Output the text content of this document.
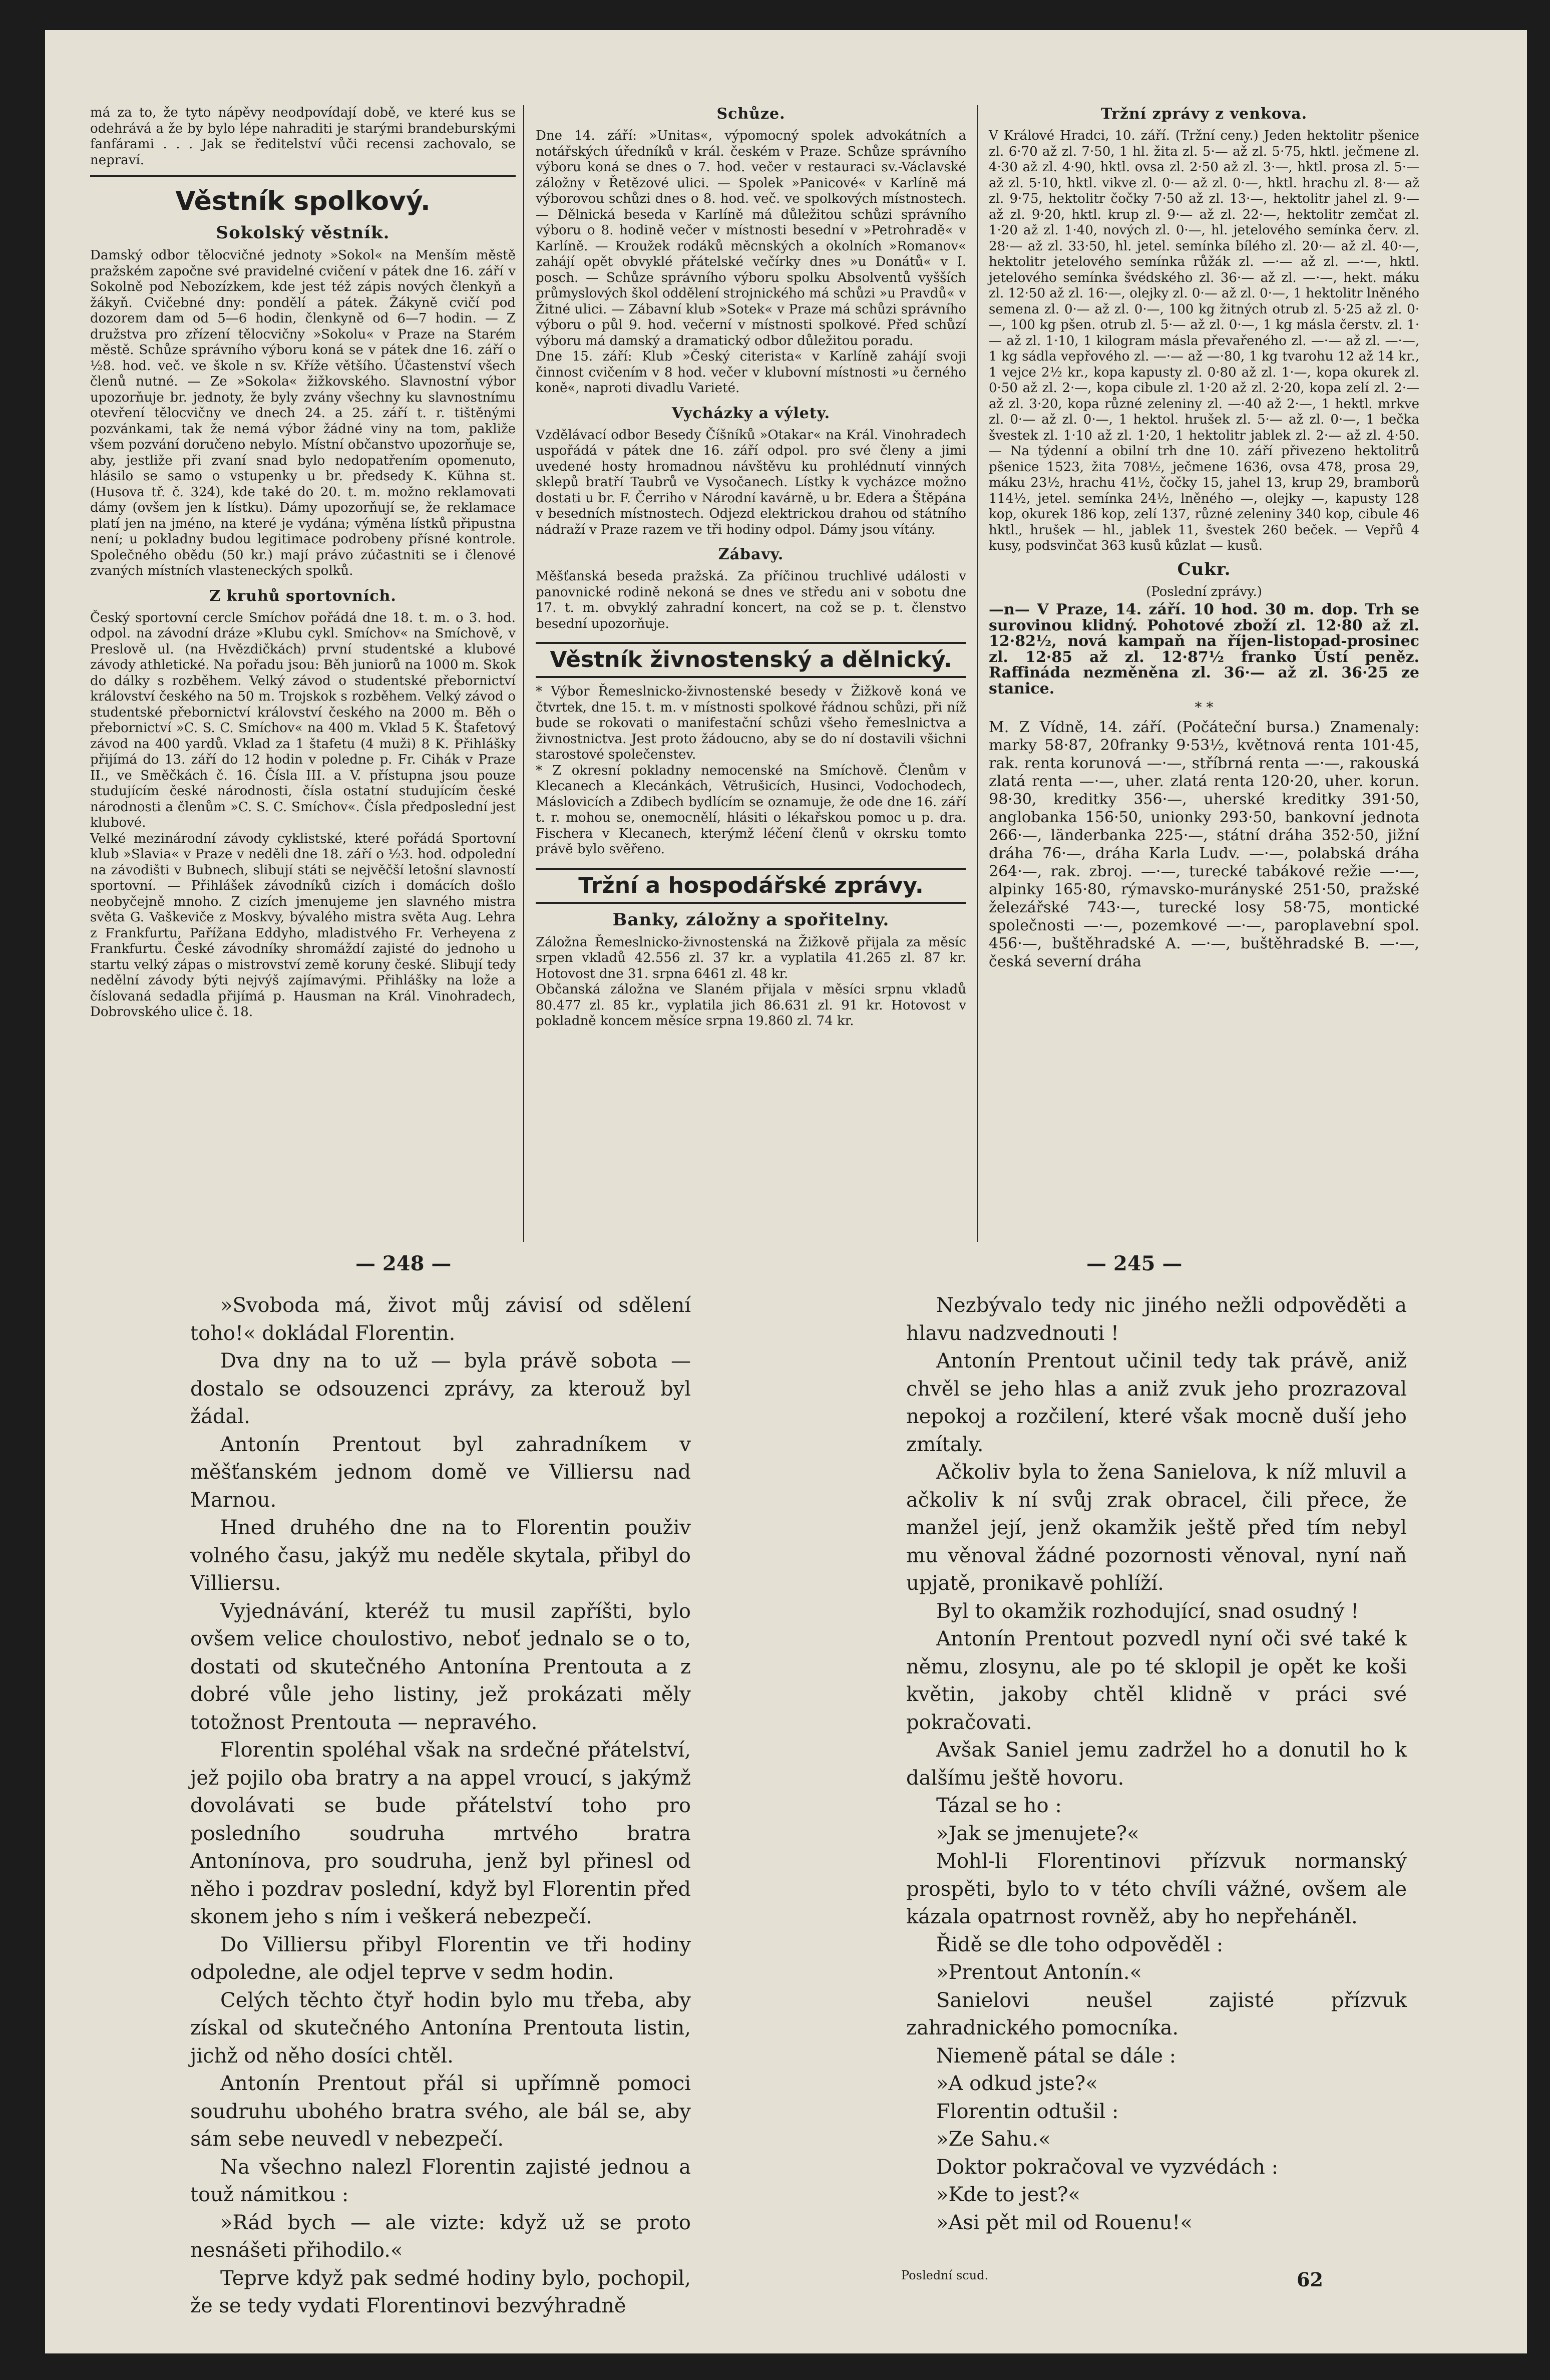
má za to, že tyto nápěvy neodpovídají době, ve které kus se odehrává a že by bylo lépe nahraditi je starými brandeburskými fanfárami . . . Jak se ředitelství vůči recensi zachovalo, se nepraví.

Věstník spolkový.
Sokolský věstník.

Damský odbor tělocvičné jednoty »Sokol« na Menším městě pražském započne své pravidelné cvičení v pátek dne 16. září v Sokolně pod Nebozízkem, kde jest též zápis nových členkyň a žákyň. Cvičebné dny: pondělí a pátek. Žákyně cvičí pod dozorem dam od 5—6 hodin, členkyně od 6—7 hodin. — Z družstva pro zřízení tělocvičny »Sokolu« v Praze na Starém městě. Schůze správního výboru koná se v pátek dne 16. září o ½8. hod. več. ve škole n sv. Kříže většího. Účastenství všech členů nutné. — Ze »Sokola« žižkovského. Slavnostní výbor upozorňuje br. jednoty, že byly zvány všechny ku slavnostnímu otevření tělocvičny ve dnech 24. a 25. září t. r. tištěnými pozvánkami, tak že nemá výbor žádné viny na tom, pakliže všem pozvání doručeno nebylo. Místní občanstvo upozorňuje se, aby, jestliže při zvaní snad bylo nedopatřením opomenuto, hlásilo se samo o vstupenky u br. předsedy K. Kühna st. (Husova tř. č. 324), kde také do 20. t. m. možno reklamovati dámy (ovšem jen k lístku). Dámy upozorňují se, že reklamace platí jen na jméno, na které je vydána; výměna lístků připustna není; u pokladny budou legitimace podrobeny přísné kontrole. Společného obědu (50 kr.) mají právo zúčastniti se i členové zvaných místních vlasteneckých spolků.

Z kruhů sportovních.

Český sportovní cercle Smíchov pořádá dne 18. t. m. o 3. hod. odpol. na závodní dráze »Klubu cykl. Smíchov« na Smíchově, v Preslově ul. (na Hvězdičkách) první studentské a klubové závody athletické. Na pořadu jsou: Běh juniorů na 1000 m. Skok do dálky s rozběhem. Velký závod o studentské přebornictví království českého na 50 m. Trojskok s rozběhem. Velký závod o studentské přebornictví království českého na 2000 m. Běh o přebornictví »C. S. C. Smíchov« na 400 m. Vklad 5 K. Štafetový závod na 400 yardů. Vklad za 1 štafetu (4 muži) 8 K. Přihlášky přijímá do 13. září do 12 hodin v poledne p. Fr. Cihák v Praze II., ve Směčkách č. 16. Čísla III. a V. přístupna jsou pouze studujícím české národnosti, čísla ostatní studujícím české národnosti a členům »C. S. C. Smíchov«. Čísla předposlední jest klubové.

Velké mezinárodní závody cyklistské, které pořádá Sportovní klub »Slavia« v Praze v neděli dne 18. září o ½3. hod. odpolední na závodišti v Bubnech, slibují státi se nejvěčší letošní slavností sportovní. — Přihlášek závodníků cizích i domácích došlo neobyčejně mnoho. Z cizích jmenujeme jen slavného mistra světa G. Vaškeviče z Moskvy, bývalého mistra světa Aug. Lehra z Frankfurtu, Pařížana Eddyho, mladistvého Fr. Verheyena z Frankfurtu. České závodníky shromáždí zajisté do jednoho u startu velký zápas o mistrovství země koruny české. Slibují tedy nedělní závody býti nejvýš zajímavými. Přihlášky na lože a číslovaná sedadla přijímá p. Hausman na Král. Vinohradech, Dobrovského ulice č. 18.

Schůze.

Dne 14. září: »Unitas«, výpomocný spolek advokátních a notářských úředníků v král. českém v Praze. Schůze správního výboru koná se dnes o 7. hod. večer v restauraci sv.-Václavské záložny v Řetězové ulici. — Spolek »Panicové« v Karlíně má výborovou schůzi dnes o 8. hod. več. ve spolkových místnostech. — Dělnická beseda v Karlíně má důležitou schůzi správního výboru o 8. hodině večer v místnosti besední v »Petrohradě« v Karlíně. — Kroužek rodáků měcnských a okolních »Romanov« zahájí opět obvyklé přátelské večírky dnes »u Donátů« v I. posch. — Schůze správního výboru spolku Absolventů vyšších průmyslových škol oddělení strojnického má schůzi »u Pravdů« v Žitné ulici. — Zábavní klub »Sotek« v Praze má schůzi správního výboru o půl 9. hod. večerní v místnosti spolkové. Před schůzí výboru má damský a dramatický odbor důležitou poradu.

Dne 15. září: Klub »Český citerista« v Karlíně zahájí svoji činnost cvičením v 8 hod. večer v klubovní místnosti »u černého koně«, naproti divadlu Varieté.

Vycházky a výlety.

Vzdělávací odbor Besedy Číšníků »Otakar« na Král. Vinohradech uspořádá v pátek dne 16. září odpol. pro své členy a jimi uvedené hosty hromadnou návštěvu ku prohlédnutí vinných sklepů bratří Taubrů ve Vysočanech. Lístky k vycházce možno dostati u br. F. Čerriho v Národní kavárně, u br. Edera a Štěpána v besedních místnostech. Odjezd elektrickou drahou od státního nádraží v Praze razem ve tři hodiny odpol. Dámy jsou vítány.

Zábavy.

Měšťanská beseda pražská. Za příčinou truchlivé události v panovnické rodině nekoná se dnes ve středu ani v sobotu dne 17. t. m. obvyklý zahradní koncert, na což se p. t. členstvo besední upozorňuje.

Věstník živnostenský a dělnický.

* Výbor Řemeslnicko-živnostenské besedy v Žižkově koná ve čtvrtek, dne 15. t. m. v místnosti spolkové řádnou schůzi, při níž bude se rokovati o manifestační schůzi všeho řemeslnictva a živnostnictva. Jest proto žádoucno, aby se do ní dostavili všichni starostové společenstev.

* Z okresní pokladny nemocenské na Smíchově. Členům v Klecanech a Klecánkách, Větrušicích, Husinci, Vodochodech, Máslovicích a Zdibech bydlícím se oznamuje, že ode dne 16. září t. r. mohou se, onemocnělí, hlásiti o lékařskou pomoc u p. dra. Fischera v Klecanech, kterýmž léčení členů v okrsku tomto právě bylo svěřeno.

Tržní a hospodářské zprávy.
Banky, záložny a spořitelny.

Záložna Řemeslnicko-živnostenská na Žižkově přijala za měsíc srpen vkladů 42.556 zl. 37 kr. a vyplatila 41.265 zl. 87 kr. Hotovost dne 31. srpna 6461 zl. 48 kr.

Občanská záložna ve Slaném přijala v měsíci srpnu vkladů 80.477 zl. 85 kr., vyplatila jich 86.631 zl. 91 kr. Hotovost v pokladně koncem měsíce srpna 19.860 zl. 74 kr.

Tržní zprávy z venkova.

V Králové Hradci, 10. září. (Tržní ceny.) Jeden hektolitr pšenice zl. 6·70 až zl. 7·50, 1 hl. žita zl. 5·— až zl. 5·75, hktl. ječmene zl. 4·30 až zl. 4·90, hktl. ovsa zl. 2·50 až zl. 3·—, hktl. prosa zl. 5·— až zl. 5·10, hktl. vikve zl. 0·— až zl. 0·—, hktl. hrachu zl. 8·— až zl. 9·75, hektolitr čočky 7·50 až zl. 13·—, hektolitr jahel zl. 9·— až zl. 9·20, hktl. krup zl. 9·— až zl. 22·—, hektolitr zemčat zl. 1·20 až zl. 1·40, nových zl. 0·—, hl. jetelového semínka červ. zl. 28·— až zl. 33·50, hl. jetel. semínka bílého zl. 20·— až zl. 40·—, hektolitr jetelového semínka růžák zl. —·— až zl. —·—, hktl. jetelového semínka švédského zl. 36·— až zl. —·—, hekt. máku zl. 12·50 až zl. 16·—, olejky zl. 0·— až zl. 0·—, 1 hektolitr lněného semena zl. 0·— až zl. 0·—, 100 kg žitných otrub zl. 5·25 až zl. 0·—, 100 kg pšen. otrub zl. 5·— až zl. 0·—, 1 kg másla čerstv. zl. 1·— až zl. 1·10, 1 kilogram másla převařeného zl. —·— až zl. —·—, 1 kg sádla vepřového zl. —·— až —·80, 1 kg tvarohu 12 až 14 kr., 1 vejce 2½ kr., kopa kapusty zl. 0·80 až zl. 1·—, kopa okurek zl. 0·50 až zl. 2·—, kopa cibule zl. 1·20 až zl. 2·20, kopa zelí zl. 2·— až zl. 3·20, kopa různé zeleniny zl. —·40 až 2·—, 1 hektl. mrkve zl. 0·— až zl. 0·—, 1 hektol. hrušek zl. 5·— až zl. 0·—, 1 bečka švestek zl. 1·10 až zl. 1·20, 1 hektolitr jablek zl. 2·— až zl. 4·50. — Na týdenní a obilní trh dne 10. září přivezeno hektolitrů pšenice 1523, žita 708½, ječmene 1636, ovsa 478, prosa 29, máku 23½, hrachu 41½, čočky 15, jahel 13, krup 29, bramborů 114½, jetel. semínka 24½, lněného —, olejky —, kapusty 128 kop, okurek 186 kop, zelí 137, různé zeleniny 340 kop, cibule 46 hktl., hrušek — hl., jablek 11, švestek 260 beček. — Vepřů 4 kusy, podsvinčat 363 kusů kůzlat — kusů.

Cukr.
(Poslední zprávy.)

—n— V Praze, 14. září. 10 hod. 30 m. dop. Trh se surovinou klidný. Pohotové zboží zl. 12·80 až zl. 12·82½, nová kampaň na říjen-listopad-prosinec zl. 12·85 až zl. 12·87½ franko Ústí peněz. Raffináda nezměněna zl. 36·— až zl. 36·25 ze stanice.

* *

M. Z Vídně, 14. září. (Počáteční bursa.) Znamenaly: marky 58·87, 20franky 9·53½, květnová renta 101·45, rak. renta korunová —·—, stříbrná renta —·—, rakouská zlatá renta —·—, uher. zlatá renta 120·20, uher. korun. 98·30, kreditky 356·—, uherské kreditky 391·50, anglobanka 156·50, unionky 293·50, bankovní jednota 266·—, länderbanka 225·—, státní dráha 352·50, jižní dráha 76·—, dráha Karla Ludv. —·—, polabská dráha 264·—, rak. zbroj. —·—, turecké tabákové režie —·—, alpinky 165·80, rýmavsko-murányské 251·50, pražské železářské 743·—, turecké losy 58·75, montické společnosti —·—, pozemkové —·—, paroplavební spol. 456·—, buštěhradské A. —·—, buštěhradské B. —·—, česká severní dráha

— 248 —	— 245 —

»Svoboda má, život můj závisí od sdělení toho!« dokládal Florentin.

Dva dny na to už — byla právě sobota — dostalo se odsouzenci zprávy, za kterouž byl žádal.

Antonín Prentout byl zahradníkem v měšťanském jednom domě ve Villiersu nad Marnou.

Hned druhého dne na to Florentin použiv volného času, jakýž mu neděle skytala, přibyl do Villiersu.

Vyjednávání, kteréž tu musil zapříšti, bylo ovšem velice choulostivo, neboť jednalo se o to, dostati od skutečného Antonína Prentouta a z dobré vůle jeho listiny, jež prokázati měly totožnost Prentouta — nepravého.

Florentin spoléhal však na srdečné přátelství, jež pojilo oba bratry a na appel vroucí, s jakýmž dovolávati se bude přátelství toho pro posledního soudruha mrtvého bratra Antonínova, pro soudruha, jenž byl přinesl od něho i pozdrav poslední, když byl Florentin před skonem jeho s ním i veškerá nebezpečí.

Do Villiersu přibyl Florentin ve tři hodiny odpoledne, ale odjel teprve v sedm hodin.

Celých těchto čtyř hodin bylo mu třeba, aby získal od skutečného Antonína Prentouta listin, jichž od něho dosíci chtěl.

Antonín Prentout přál si upřímně pomoci soudruhu ubohého bratra svého, ale bál se, aby sám sebe neuvedl v nebezpečí.

Na všechno nalezl Florentin zajisté jednou a touž námitkou :

»Rád bych — ale vizte: když už se proto nesnášeti přihodilo.«

Teprve když pak sedmé hodiny bylo, pochopil, že se tedy vydati Florentinovi bezvýhradně

Nezbývalo tedy nic jiného nežli odpověděti a hlavu nadzvednouti !

Antonín Prentout učinil tedy tak právě, aniž chvěl se jeho hlas a aniž zvuk jeho prozrazoval nepokoj a rozčilení, které však mocně duší jeho zmítaly.

Ačkoliv byla to žena Sanielova, k níž mluvil a ačkoliv k ní svůj zrak obracel, čili přece, že manžel její, jenž okamžik ještě před tím nebyl mu věnoval žádné pozornosti věnoval, nyní naň upjatě, pronikavě pohlíží.

Byl to okamžik rozhodující, snad osudný !

Antonín Prentout pozvedl nyní oči své také k němu, zlosynu, ale po té sklopil je opět ke koši květin, jakoby chtěl klidně v práci své pokračovati.

Avšak Saniel jemu zadržel ho a donutil ho k dalšímu ještě hovoru.

Tázal se ho :

»Jak se jmenujete?«

Mohl-li Florentinovi přízvuk normanský prospěti, bylo to v této chvíli vážné, ovšem ale kázala opatrnost rovněž, aby ho nepřeháněl.

Řidě se dle toho odpověděl :

»Prentout Antonín.«

Sanielovi neušel zajisté přízvuk zahradnického pomocníka.

Niemeně pátal se dále :

»A odkud jste?«

Florentin odtušil :

»Ze Sahu.«

Doktor pokračoval ve vyzvédách :

»Kde to jest?«

»Asi pět mil od Rouenu!«

Poslední scud.	62
